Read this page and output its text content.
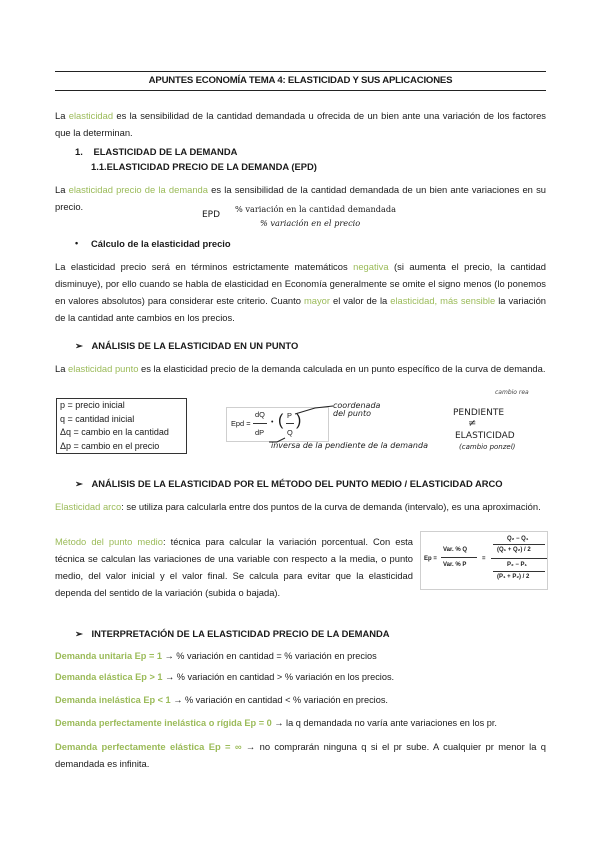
APUNTES ECONOMÍA TEMA 4: ELASTICIDAD Y SUS APLICACIONES
La elasticidad es la sensibilidad de la cantidad demandada u ofrecida de un bien ante una variación de los factores que la determinan.
1. ELASTICIDAD DE LA DEMANDA
1.1.ELASTICIDAD PRECIO DE LA DEMANDA (EPD)
La elasticidad precio de la demanda es la sensibilidad de la cantidad demandada de un bien ante variaciones en su precio.
EPD
% variación en la cantidad demandada
% variación en el precio
• Cálculo de la elasticidad precio
La elasticidad precio será en términos estrictamente matemáticos negativa (si aumenta el precio, la cantidad disminuye), por ello cuando se habla de elasticidad en Economía generalmente se omite el signo menos (lo ponemos en valores absolutos) para considerar este criterio. Cuanto mayor el valor de la elasticidad, más sensible la variación de la cantidad ante cambios en los precios.
➢ ANÁLISIS DE LA ELASTICIDAD EN UN PUNTO
La elasticidad punto es la elasticidad precio de la demanda calculada en un punto específico de la curva de demanda.
p = precio inicial
q = cantidad inicial
Δq = cambio en la cantidad
Δp = cambio en el precio
Epd =
dQ
dP
• ( P
Q
)
coordenada del punto
inversa de la pendiente de la demanda
cambio rea
PENDIENTE
≠
ELASTICIDAD
(cambio ponzel)
➢ ANÁLISIS DE LA ELASTICIDAD POR EL MÉTODO DEL PUNTO MEDIO / ELASTICIDAD ARCO
Elasticidad arco: se utiliza para calcularla entre dos puntos de la curva de demanda (intervalo), es una aproximación.
Método del punto medio: técnica para calcular la variación porcentual. Con esta técnica se calculan las variaciones de una variable con respecto a la media, o punto medio, del valor inicial y el valor final. Se calcula para evitar que la elasticidad dependa del sentido de la variación (subida o bajada).
Ep =
Var. % Q
Var. % P
=
Q₂ − Q₁
(Q₁ + Q₂) / 2
P₂ − P₁
(P₁ + P₂) / 2
➢ INTERPRETACIÓN DE LA ELASTICIDAD PRECIO DE LA DEMANDA
Demanda unitaria Ep = 1 → % variación en cantidad = % variación en precios
Demanda elástica Ep > 1 → % variación en cantidad > % variación en los precios.
Demanda inelástica Ep < 1 → % variación en cantidad < % variación en precios.
Demanda perfectamente inelástica o rígida Ep = 0 → la q demandada no varía ante variaciones en los pr.
Demanda perfectamente elástica Ep = ∞ → no comprarán ninguna q si el pr sube. A cualquier pr menor la q demandada es infinita.
